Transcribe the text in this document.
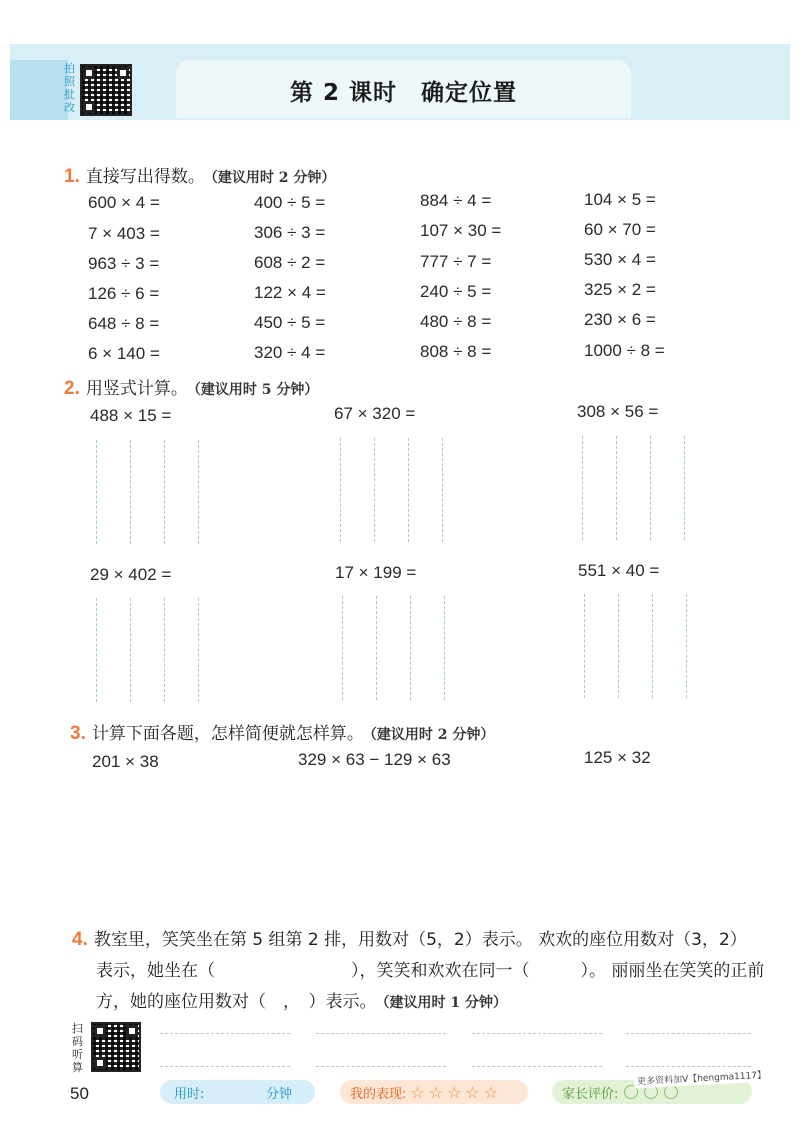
第 2 课时　确定位置
拍照批改
1. 直接写出得数。 （建议用时 2 分钟）
600 × 4 =	400 ÷ 5 =	884 ÷ 4 =	104 × 5 =
7 × 403 =	306 ÷ 3 =	107 × 30 =	60 × 70 =
963 ÷ 3 =	608 ÷ 2 =	777 ÷ 7 =	530 × 4 =
126 ÷ 6 =	122 × 4 =	240 ÷ 5 =	325 × 2 =
648 ÷ 8 =	450 ÷ 5 =	480 ÷ 8 =	230 × 6 =
6 × 140 =	320 ÷ 4 =	808 ÷ 8 =	1000 ÷ 8 =
2. 用竖式计算。 （建议用时 5 分钟）
488 × 15 =	67 × 320 =	308 × 56 =
29 × 402 =	17 × 199 =	551 × 40 =
3. 计算下面各题，怎样简便就怎样算。 （建议用时 2 分钟）
201 × 38	329 × 63 − 129 × 63	125 × 32
4. 教室里，笑笑坐在第 5 组第 2 排，用数对（5，2）表示。 欢欢的座位用数对（3，2）
表示，她坐在（　　　　　　　　），笑笑和欢欢在同一（　　　）。 丽丽坐在笑笑的正前
方，她的座位用数对（　，　）表示。 （建议用时 1 分钟）
扫码听算
50	用时:	分钟	我的表现: ☆ ☆ ☆ ☆ ☆	家长评价:
更多资料加V【hengma1117】
